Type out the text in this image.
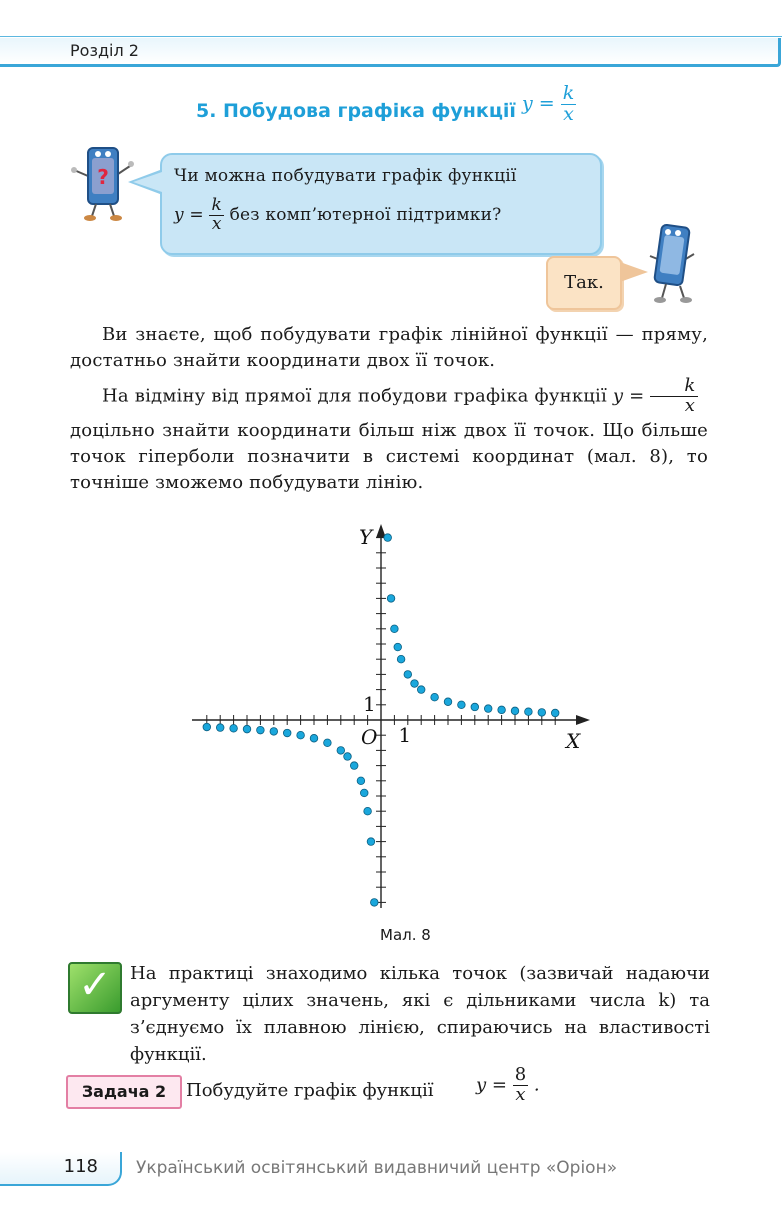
Розділ 2
5. Побудова графіка функції $y = \frac{k}{x}$
?	Чи можна побудувати графік функції
$y = \frac{k}{x}$ без комп’ютерної підтримки?
Так.

Ви знаєте, щоб побудувати графік лінійної функції — пряму, достатньо знайти координати двох її точок.

На відміну від прямої для побудови графіка функції $y = \frac{k}{x}$

доцільно знайти координати більш ніж двох її точок. Що більше точок гіперболи позначити в системі координат (мал. 8), то точніше зможемо побудувати лінію.
Y
X
O 1
1
Мал. 8
✓	На практиці знаходимо кілька точок (зазвичай надаючи аргументу цілих значень, які є дільниками числа k) та з’єднуємо їх плавною лінією, спираючись на властивості функції.
Задача 2	Побудуйте графік функції $y = \frac{8}{x}$ .
118 Український освітянський видавничий центр «Оріон»
